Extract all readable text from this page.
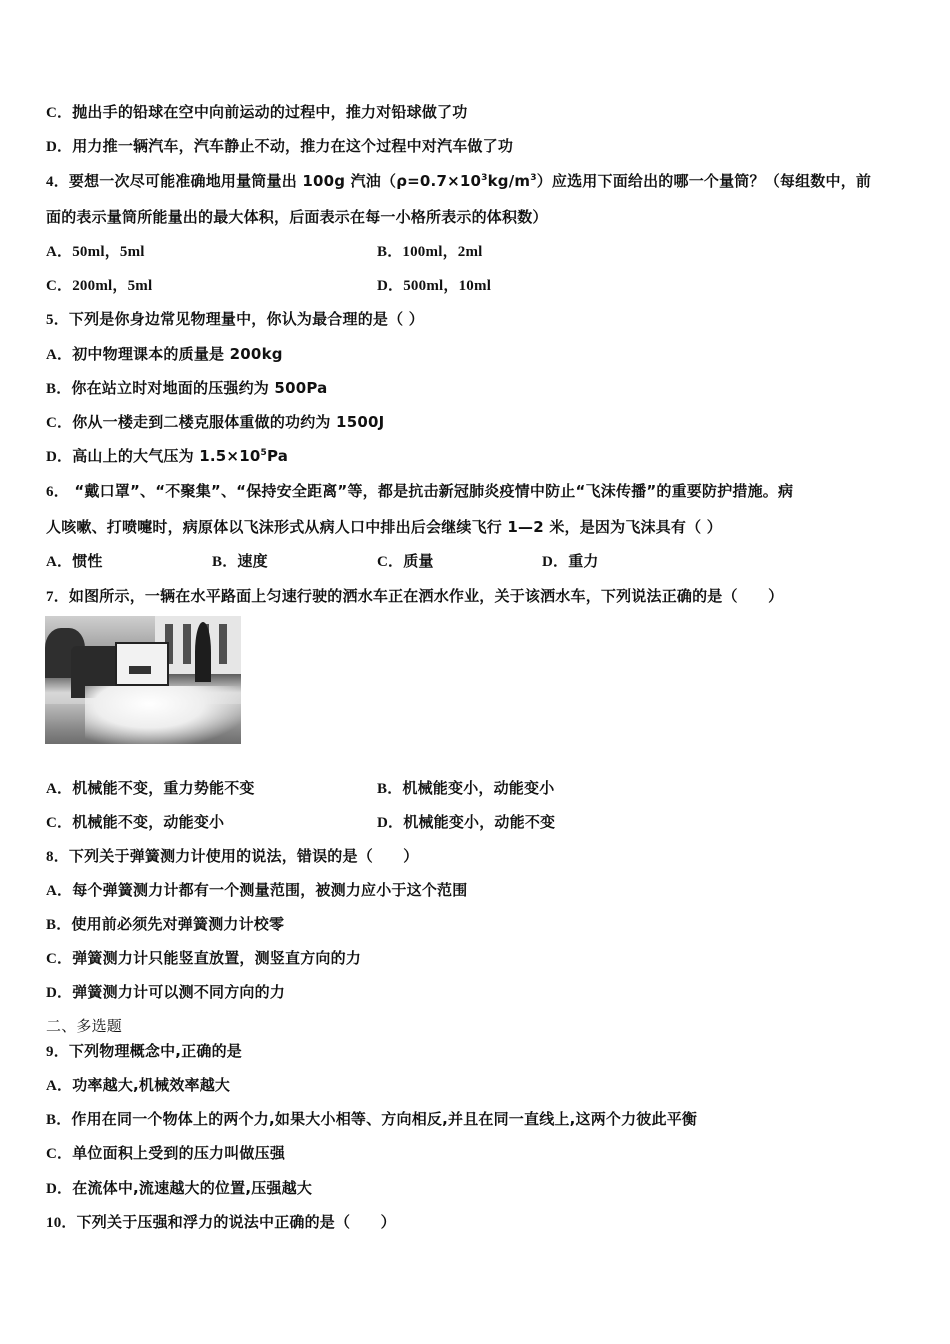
C．抛出手的铅球在空中向前运动的过程中，推力对铅球做了功
D．用力推一辆汽车，汽车静止不动，推力在这个过程中对汽车做了功
4．要想一次尽可能准确地用量筒量出 100g 汽油$(\rho=0.7\times 10^3kg/m^3)$应选用下面给出的哪一个量筒？（每组数中，前
面的表示量筒所能量出的最大体积，后面表示在每一小格所表示的体积数）
A．50ml，5ml	B．100ml，2ml
C．200ml，5ml	D．500ml，10ml
5．下列是你身边常见物理量中，你认为最合理的是（ ）
A．初中物理课本的质量是 200kg
B．你在站立时对地面的压强约为 500Pa
C．你从一楼走到二楼克服体重做的功约为 1500J
D．高山上的大气压为 $1.5\times 10^5Pa$
6． “戴口罩”、“不聚集”、“保持安全距离”等，都是抗击新冠肺炎疫情中防止“飞沫传播”的重要防护措施。病
人咳嗽、打喷嚏时，病原体以飞沫形式从病人口中排出后会继续飞行 1—2 米，是因为飞沫具有（ ）
A．惯性	B．速度	C．质量	D．重力
7．如图所示，一辆在水平路面上匀速行驶的洒水车正在洒水作业，关于该洒水车，下列说法正确的是（　　）
A．机械能不变，重力势能不变	B．机械能变小，动能变小
C．机械能不变，动能变小	D．机械能变小，动能不变
8．下列关于弹簧测力计使用的说法，错误的是（　　）
A．每个弹簧测力计都有一个测量范围，被测力应小于这个范围
B．使用前必须先对弹簧测力计校零
C．弹簧测力计只能竖直放置，测竖直方向的力
D．弹簧测力计可以测不同方向的力
二、多选题
9．下列物理概念中,正确的是
A．功率越大,机械效率越大
B．作用在同一个物体上的两个力,如果大小相等、方向相反,并且在同一直线上,这两个力彼此平衡
C．单位面积上受到的压力叫做压强
D．在流体中,流速越大的位置,压强越大
10．下列关于压强和浮力的说法中正确的是（　　）
